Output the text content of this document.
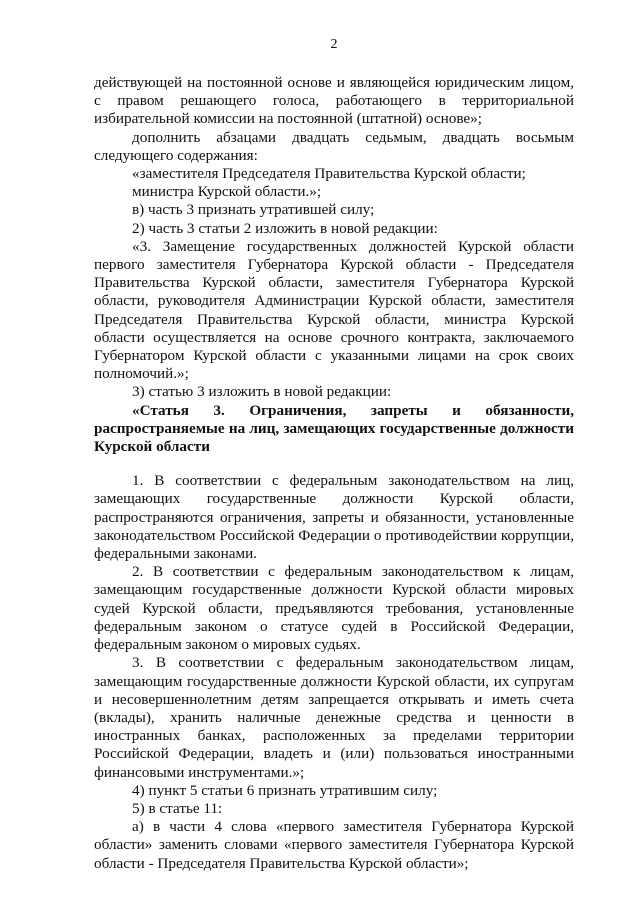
2

действующей на постоянной основе и являющейся юридическим лицом, с правом решающего голоса, работающего в территориальной избирательной комиссии на постоянной (штатной) основе»;

дополнить абзацами двадцать седьмым, двадцать восьмым следующего содержания:

«заместителя Председателя Правительства Курской области;

министра Курской области.»;

в) часть 3 признать утратившей силу;

2) часть 3 статьи 2 изложить в новой редакции:

«3. Замещение государственных должностей Курской области первого заместителя Губернатора Курской области - Председателя Правительства Курской области, заместителя Губернатора Курской области, руководителя Администрации Курской области, заместителя Председателя Правительства Курской области, министра Курской области осуществляется на основе срочного контракта, заключаемого Губернатором Курской области с указанными лицами на срок своих полномочий.»;

3) статью 3 изложить в новой редакции:

«Статья 3. Ограничения, запреты и обязанности, распространяемые на лиц, замещающих государственные должности Курской области

1. В соответствии с федеральным законодательством на лиц, замещающих государственные должности Курской области, распространяются ограничения, запреты и обязанности, установленные законодательством Российской Федерации о противодействии коррупции, федеральными законами.

2. В соответствии с федеральным законодательством к лицам, замещающим государственные должности Курской области мировых судей Курской области, предъявляются требования, установленные федеральным законом о статусе судей в Российской Федерации, федеральным законом о мировых судьях.

3. В соответствии с федеральным законодательством лицам, замещающим государственные должности Курской области, их супругам и несовершеннолетним детям запрещается открывать и иметь счета (вклады), хранить наличные денежные средства и ценности в иностранных банках, расположенных за пределами территории Российской Федерации, владеть и (или) пользоваться иностранными финансовыми инструментами.»;

4) пункт 5 статьи 6 признать утратившим силу;

5) в статье 11:

а) в части 4 слова «первого заместителя Губернатора Курской области» заменить словами «первого заместителя Губернатора Курской области - Председателя Правительства Курской области»;
